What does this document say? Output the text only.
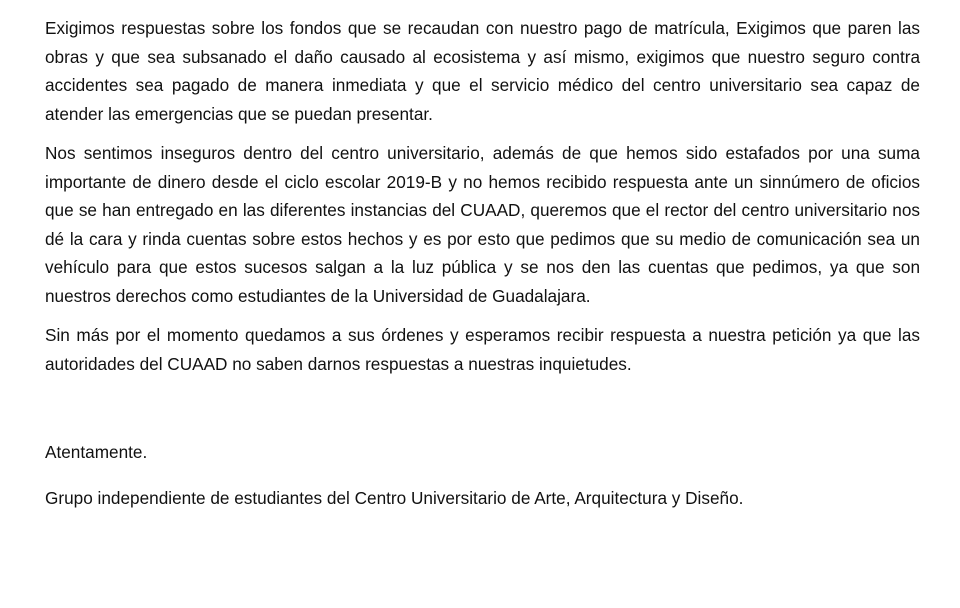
Exigimos respuestas sobre los fondos que se recaudan con nuestro pago de matrícula, Exigimos que paren las obras y que sea subsanado el daño causado al ecosistema y así mismo, exigimos que nuestro seguro contra accidentes sea pagado de manera inmediata y que el servicio médico del centro universitario sea capaz de atender las emergencias que se puedan presentar.

Nos sentimos inseguros dentro del centro universitario, además de que hemos sido estafados por una suma importante de dinero desde el ciclo escolar 2019-B y no hemos recibido respuesta ante un sinnúmero de oficios que se han entregado en las diferentes instancias del CUAAD, queremos que el rector del centro universitario nos dé la cara y rinda cuentas sobre estos hechos y es por esto que pedimos que su medio de comunicación sea un vehículo para que estos sucesos salgan a la luz pública y se nos den las cuentas que pedimos, ya que son nuestros derechos como estudiantes de la Universidad de Guadalajara.

Sin más por el momento quedamos a sus órdenes y esperamos recibir respuesta a nuestra petición ya que las autoridades del CUAAD no saben darnos respuestas a nuestras inquietudes.

Atentamente.

Grupo independiente de estudiantes del Centro Universitario de Arte, Arquitectura y Diseño.
